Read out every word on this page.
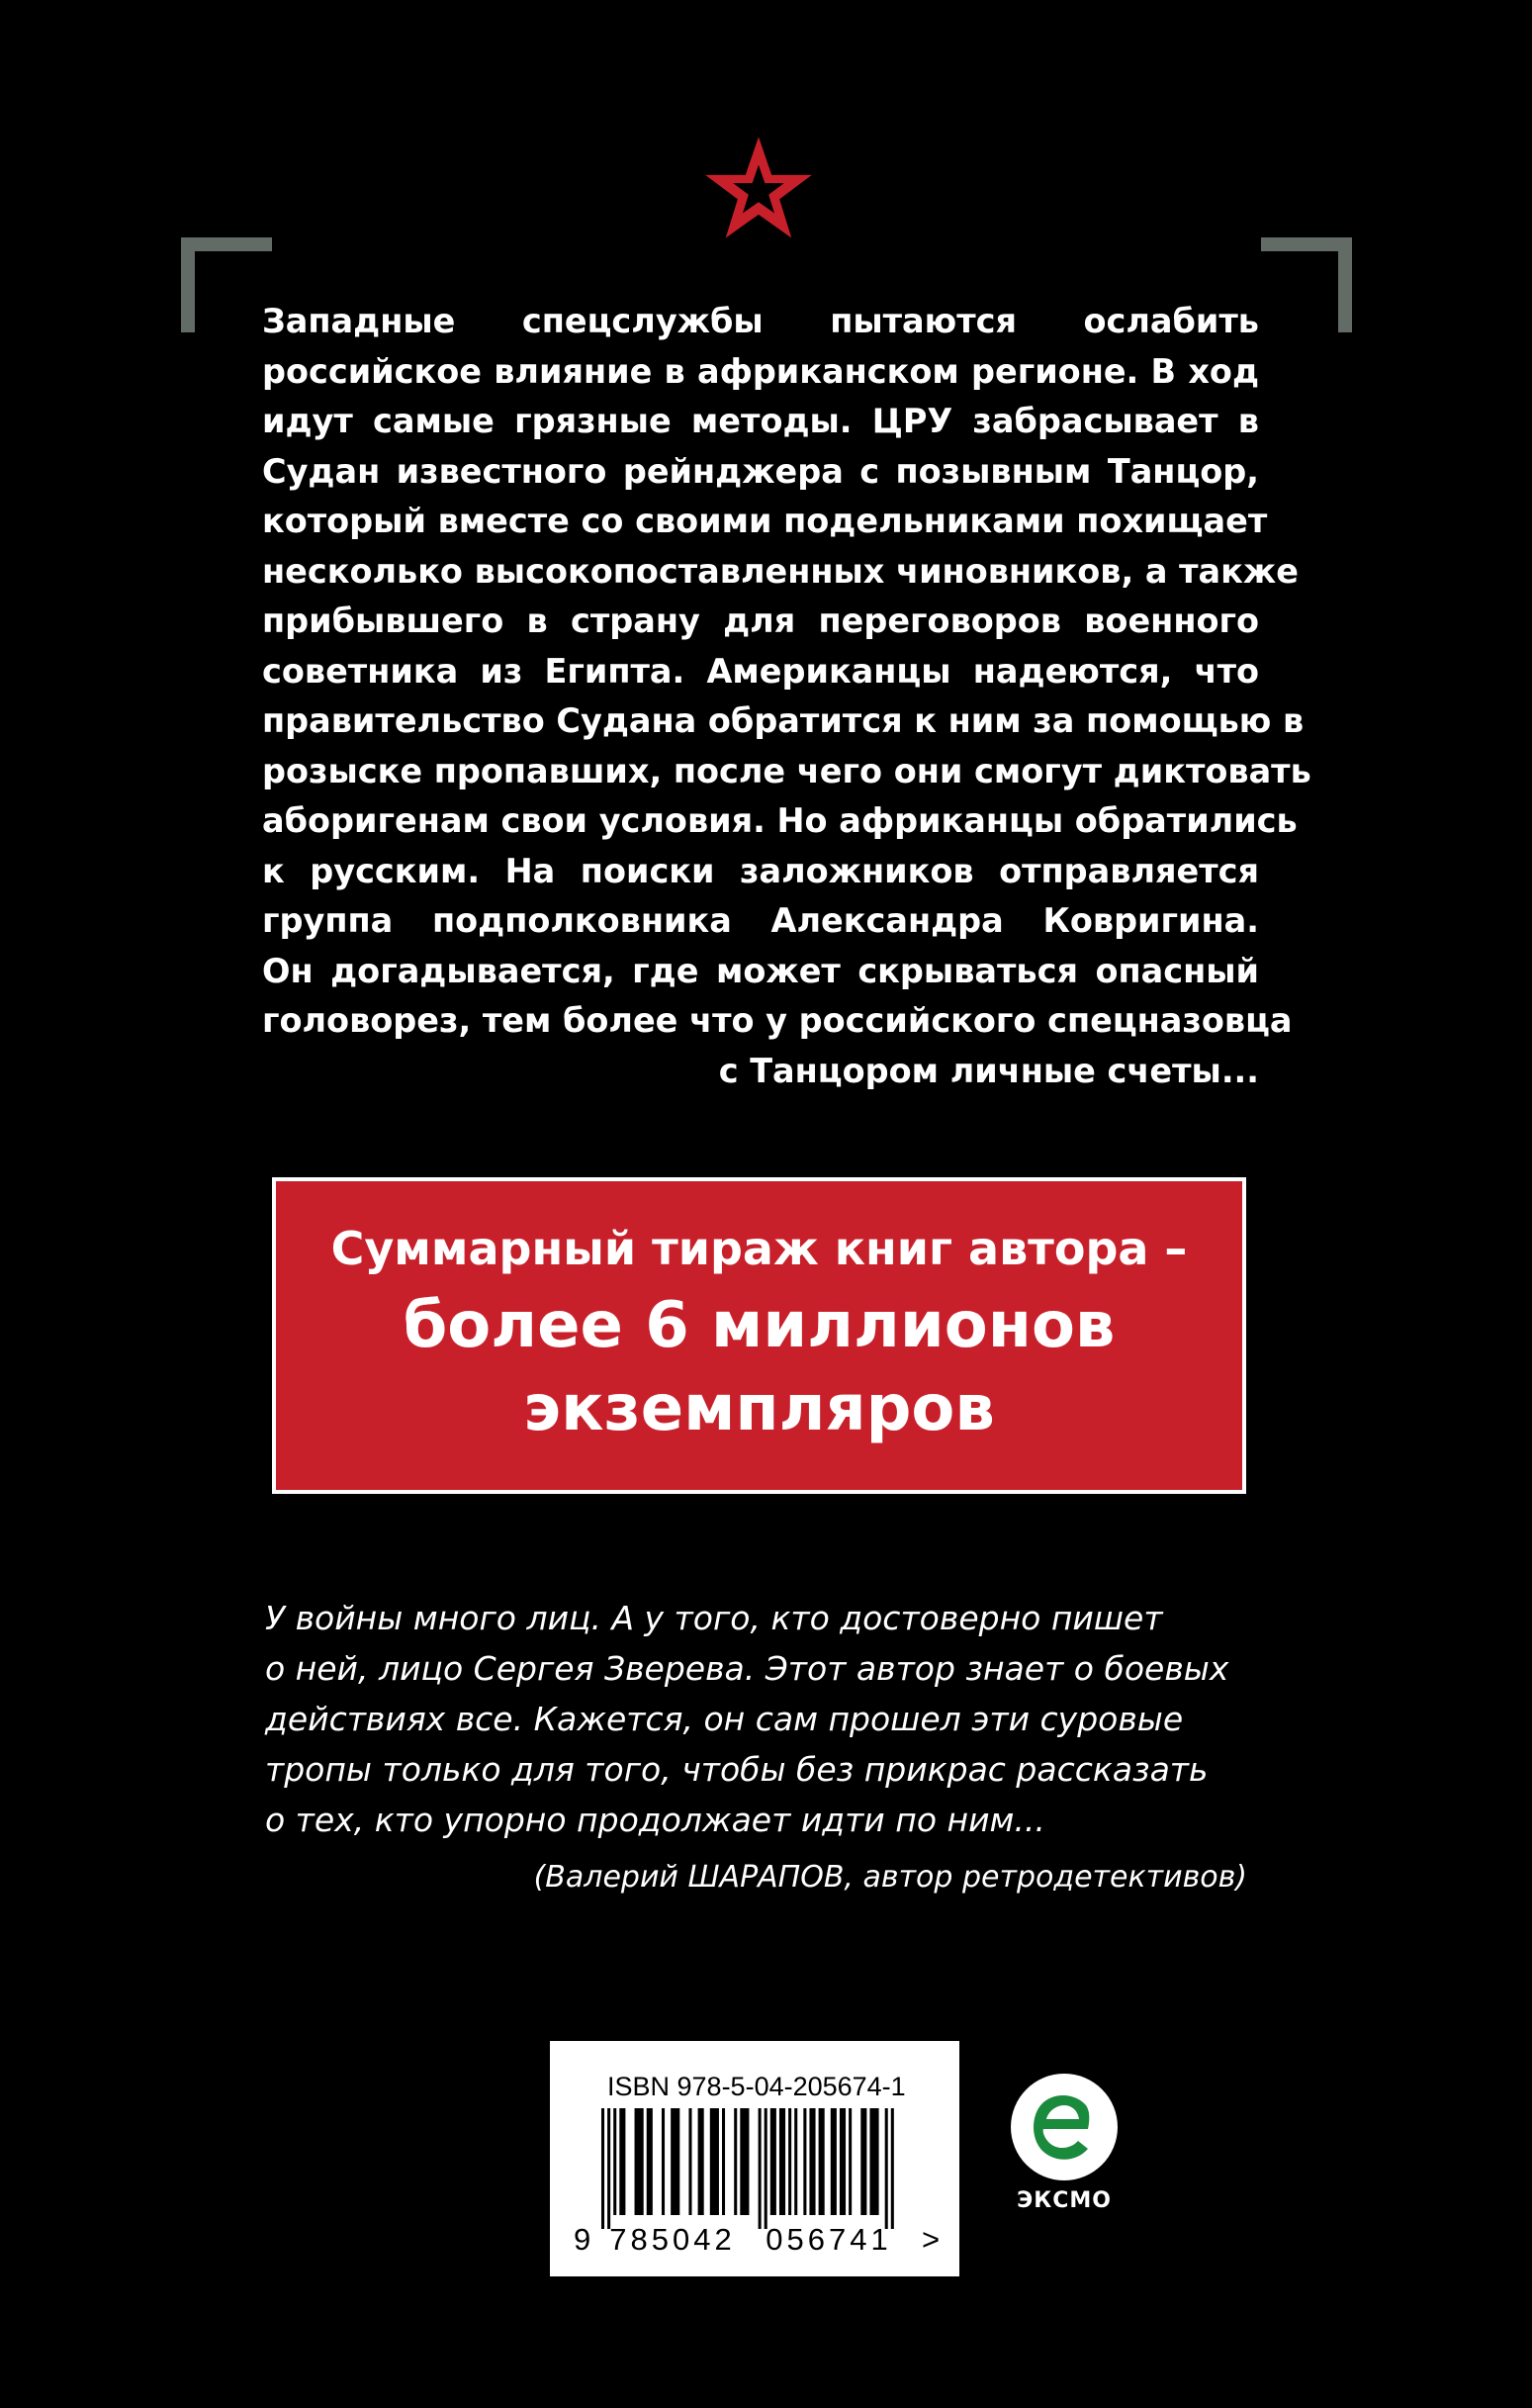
Западные спецслужбы пытаются ослабить
российское влияние в африканском регионе. В ход
идут самые грязные методы. ЦРУ забрасывает в
Судан известного рейнджера с позывным Танцор,
который вместе со своими подельниками похищает
несколько высокопоставленных чиновников, а также
прибывшего в страну для переговоров военного
советника из Египта. Американцы надеются, что
правительство Судана обратится к ним за помощью в
розыске пропавших, после чего они смогут диктовать
аборигенам свои условия. Но африканцы обратились
к русским. На поиски заложников отправляется
группа подполковника Александра Ковригина.
Он догадывается, где может скрываться опасный
головорез, тем более что у российского спецназовца
с Танцором личные счеты...
Суммарный тираж книг автора –
более 6 миллионов
экземпляров
У войны много лиц. А у того, кто достоверно пишет
о ней, лицо Сергея Зверева. Этот автор знает о боевых
действиях все. Кажется, он сам прошел эти суровые
тропы только для того, чтобы без прикрас рассказать
о тех, кто упорно продолжает идти по ним...
(Валерий ШАРАПОВ, автор ретродетективов)
ISBN 978-5-04-205674-1
9 785042 056741 >
ЭКСМО
